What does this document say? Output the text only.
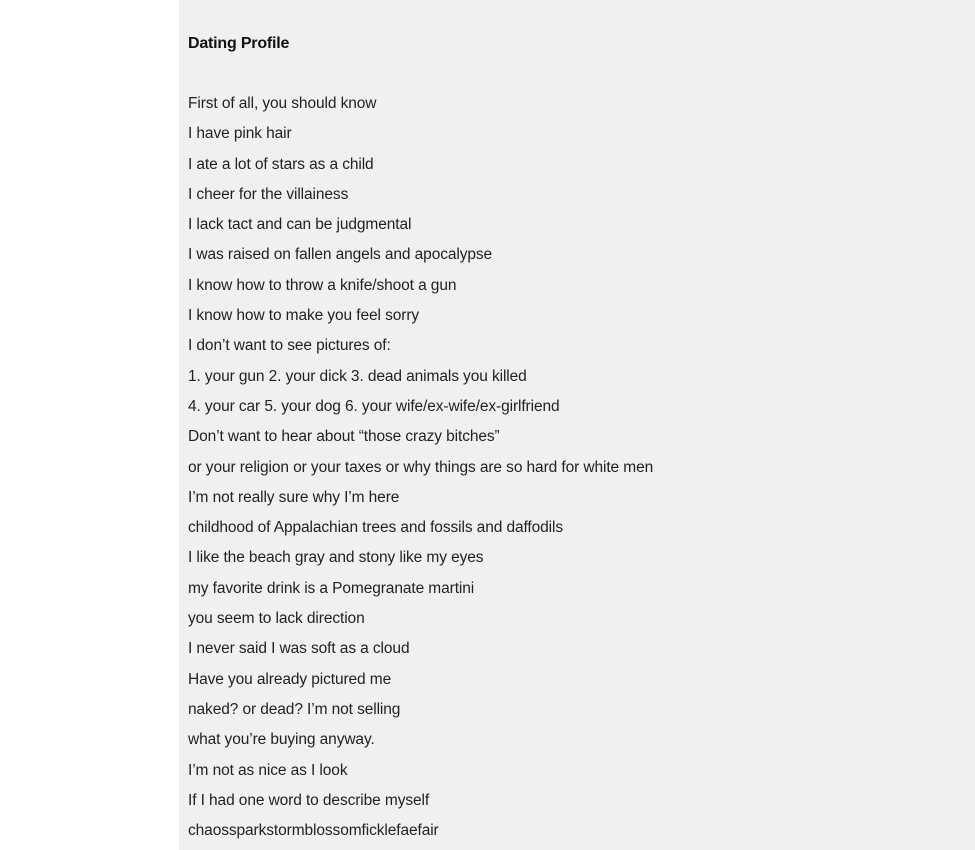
Dating Profile
First of all, you should know
I have pink hair
I ate a lot of stars as a child
I cheer for the villainess
I lack tact and can be judgmental
I was raised on fallen angels and apocalypse
I know how to throw a knife/shoot a gun
I know how to make you feel sorry
I don’t want to see pictures of:
1. your gun 2. your dick 3. dead animals you killed
4. your car 5. your dog 6. your wife/ex-wife/ex-girlfriend
Don’t want to hear about “those crazy bitches”
or your religion or your taxes or why things are so hard for white men
I’m not really sure why I’m here
childhood of Appalachian trees and fossils and daffodils
I like the beach gray and stony like my eyes
my favorite drink is a Pomegranate martini
you seem to lack direction
I never said I was soft as a cloud
Have you already pictured me
naked? or dead? I’m not selling
what you’re buying anyway.
I’m not as nice as I look
If I had one word to describe myself
chaossparkstormblossomficklefaefair
